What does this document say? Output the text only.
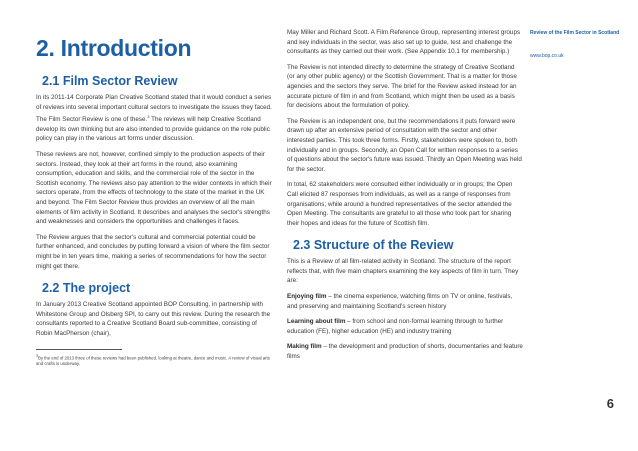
2. Introduction
2.1 Film Sector Review

In its 2011-14 Corporate Plan Creative Scotland stated that it would conduct a series of reviews into several important cultural sectors to investigate the issues they faced. The Film Sector Review is one of these.$^3$ The reviews will help Creative Scotland develop its own thinking but are also intended to provide guidance on the role public policy can play in the various art forms under discussion.

These reviews are not, however, confined simply to the production aspects of their sectors. Instead, they look at their art forms in the round, also examining consumption, education and skills, and the commercial role of the sector in the Scottish economy. The reviews also pay attention to the wider contexts in which their sectors operate, from the effects of technology to the state of the market in the UK and beyond. The Film Sector Review thus provides an overview of all the main elements of film activity in Scotland. It describes and analyses the sector's strengths and weaknesses and considers the opportunities and challenges it faces.

The Review argues that the sector's cultural and commercial potential could be further enhanced, and concludes by putting forward a vision of where the film sector might be in ten years time, making a series of recommendations for how the sector might get there.

2.2 The project

In January 2013 Creative Scotland appointed BOP Consulting, in partnership with Whitestone Group and Olsberg SPI, to carry out this review. During the research the consultants reported to a Creative Scotland Board sub-committee, consisting of Robin MacPherson (chair),

$^3$By the end of 2013 three of these reviews had been published, looking at theatre, dance and music. A review of visual arts and crafts is underway.

May Miller and Richard Scott. A Film Reference Group, representing interest groups and key individuals in the sector, was also set up to guide, test and challenge the consultants as they carried out their work. (See Appendix 10.1 for membership.)

The Review is not intended directly to determine the strategy of Creative Scotland (or any other public agency) or the Scottish Government. That is a matter for those agencies and the sectors they serve. The brief for the Review asked instead for an accurate picture of film in and from Scotland, which might then be used as a basis for decisions about the formulation of policy.

The Review is an independent one, but the recommendations it puts forward were drawn up after an extensive period of consultation with the sector and other interested parties. This took three forms. Firstly, stakeholders were spoken to, both individually and in groups. Secondly, an Open Call for written responses to a series of questions about the sector's future was issued. Thirdly an Open Meeting was held for the sector.

In total, 62 stakeholders were consulted either individually or in groups; the Open Call elicited 87 responses from individuals, as well as a range of responses from organisations; while around a hundred representatives of the sector attended the Open Meeting. The consultants are grateful to all those who took part for sharing their hopes and ideas for the future of Scottish film.

2.3 Structure of the Review

This is a Review of all film-related activity in Scotland. The structure of the report reflects that, with five main chapters examining the key aspects of film in turn. They are:

Enjoying film – the cinema experience, watching films on TV or online, festivals, and preserving and maintaining Scotland's screen history

Learning about film – from school and non-formal learning through to further education (FE), higher education (HE) and industry training

Making film – the development and production of shorts, documentaries and feature films

Review of the Film Sector in Scotland
www.bop.co.uk
6
